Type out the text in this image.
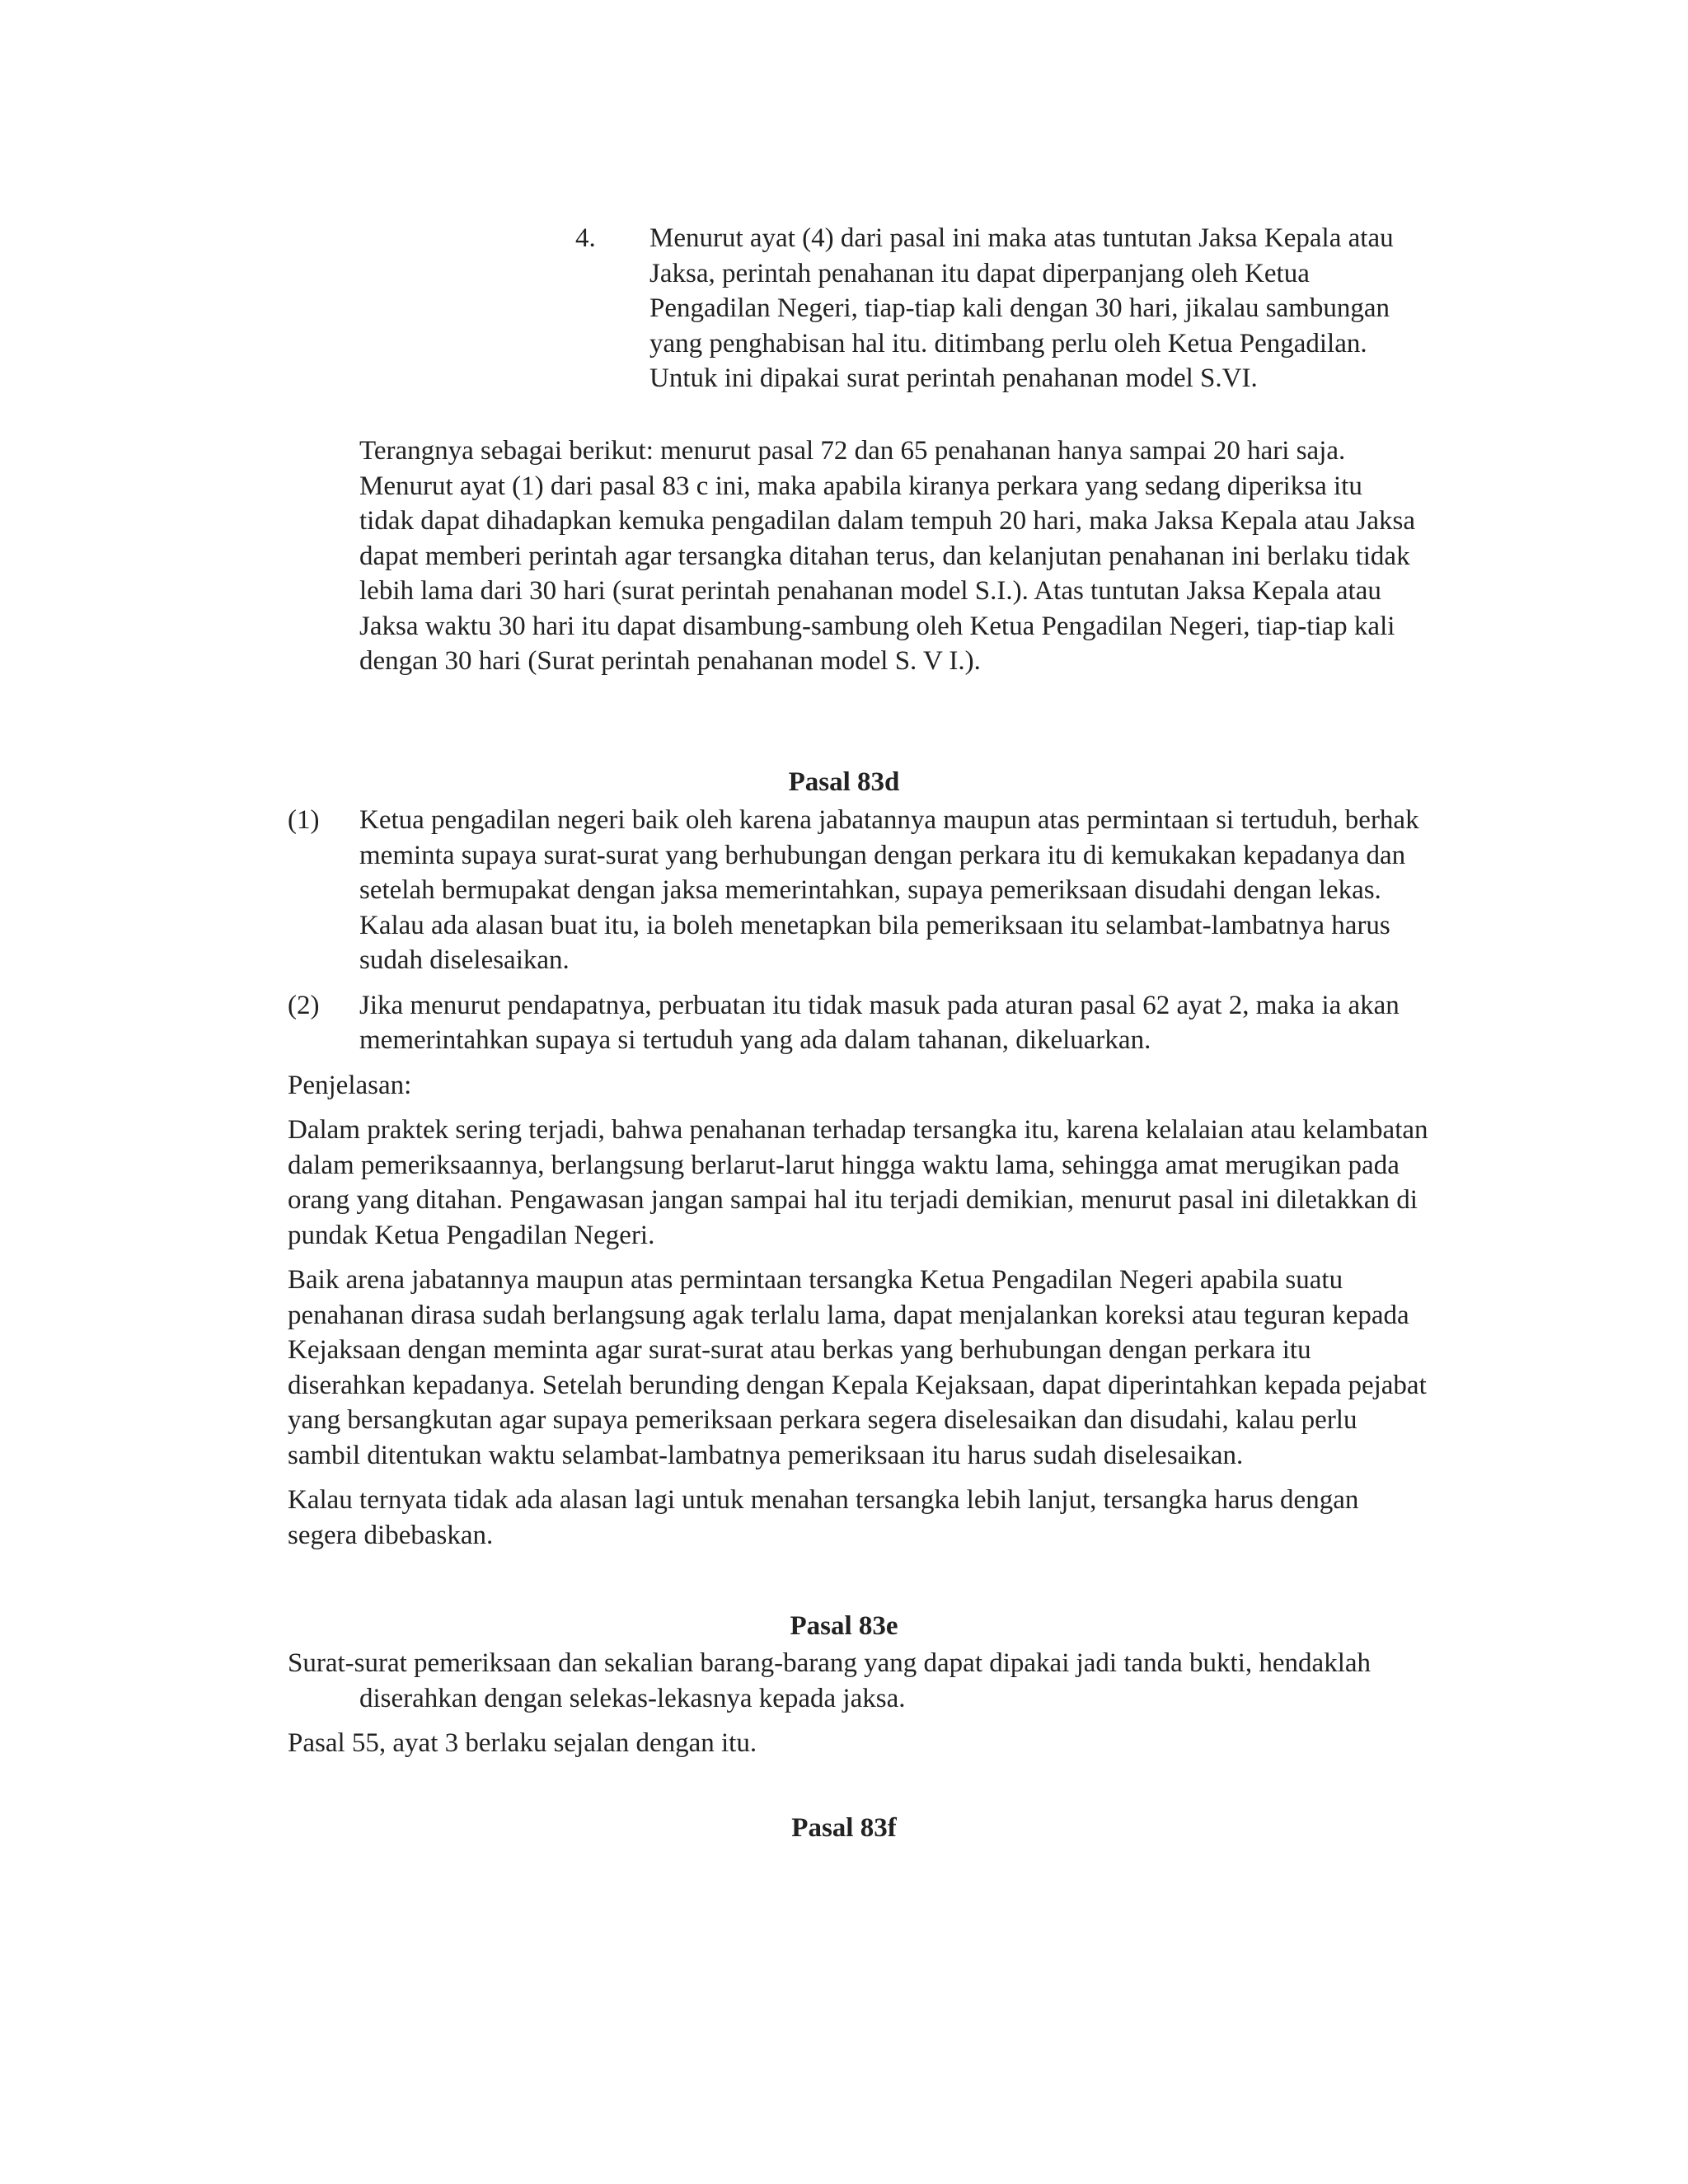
4. Menurut ayat (4) dari pasal ini maka atas tuntutan Jaksa Kepala atau Jaksa, perintah penahanan itu dapat diperpanjang oleh Ketua Pengadilan Negeri, tiap-tiap kali dengan 30 hari, jikalau sambungan yang penghabisan hal itu. ditimbang perlu oleh Ketua Pengadilan. Untuk ini dipakai surat perintah penahanan model S.VI.

Terangnya sebagai berikut: menurut pasal 72 dan 65 penahanan hanya sampai 20 hari saja. Menurut ayat (1) dari pasal 83 c ini, maka apabila kiranya perkara yang sedang diperiksa itu tidak dapat dihadapkan kemuka pengadilan dalam tempuh 20 hari, maka Jaksa Kepala atau Jaksa dapat memberi perintah agar tersangka ditahan terus, dan kelanjutan penahanan ini berlaku tidak lebih lama dari 30 hari (surat perintah penahanan model S.I.). Atas tuntutan Jaksa Kepala atau Jaksa waktu 30 hari itu dapat disambung-sambung oleh Ketua Pengadilan Negeri, tiap-tiap kali dengan 30 hari (Surat perintah penahanan model S. V I.).

Pasal 83d

(1) Ketua pengadilan negeri baik oleh karena jabatannya maupun atas permintaan si tertuduh, berhak meminta supaya surat-surat yang berhubungan dengan perkara itu di kemukakan kepadanya dan setelah bermupakat dengan jaksa memerintahkan, supaya pemeriksaan disudahi dengan lekas. Kalau ada alasan buat itu, ia boleh menetapkan bila pemeriksaan itu selambat-lambatnya harus sudah diselesaikan.

(2) Jika menurut pendapatnya, perbuatan itu tidak masuk pada aturan pasal 62 ayat 2, maka ia akan memerintahkan supaya si tertuduh yang ada dalam tahanan, dikeluarkan.

Penjelasan:

Dalam praktek sering terjadi, bahwa penahanan terhadap tersangka itu, karena kelalaian atau kelambatan dalam pemeriksaannya, berlangsung berlarut-larut hingga waktu lama, sehingga amat merugikan pada orang yang ditahan. Pengawasan jangan sampai hal itu terjadi demikian, menurut pasal ini diletakkan di pundak Ketua Pengadilan Negeri.

Baik arena jabatannya maupun atas permintaan tersangka Ketua Pengadilan Negeri apabila suatu penahanan dirasa sudah berlangsung agak terlalu lama, dapat menjalankan koreksi atau teguran kepada Kejaksaan dengan meminta agar surat-surat atau berkas yang berhubungan dengan perkara itu diserahkan kepadanya. Setelah berunding dengan Kepala Kejaksaan, dapat diperintahkan kepada pejabat yang bersangkutan agar supaya pemeriksaan perkara segera diselesaikan dan disudahi, kalau perlu sambil ditentukan waktu selambat-lambatnya pemeriksaan itu harus sudah diselesaikan.

Kalau ternyata tidak ada alasan lagi untuk menahan tersangka lebih lanjut, tersangka harus dengan segera dibebaskan.

Pasal 83e

Surat-surat pemeriksaan dan sekalian barang-barang yang dapat dipakai jadi tanda bukti, hendaklah diserahkan dengan selekas-lekasnya kepada jaksa.

Pasal 55, ayat 3 berlaku sejalan dengan itu.

Pasal 83f
